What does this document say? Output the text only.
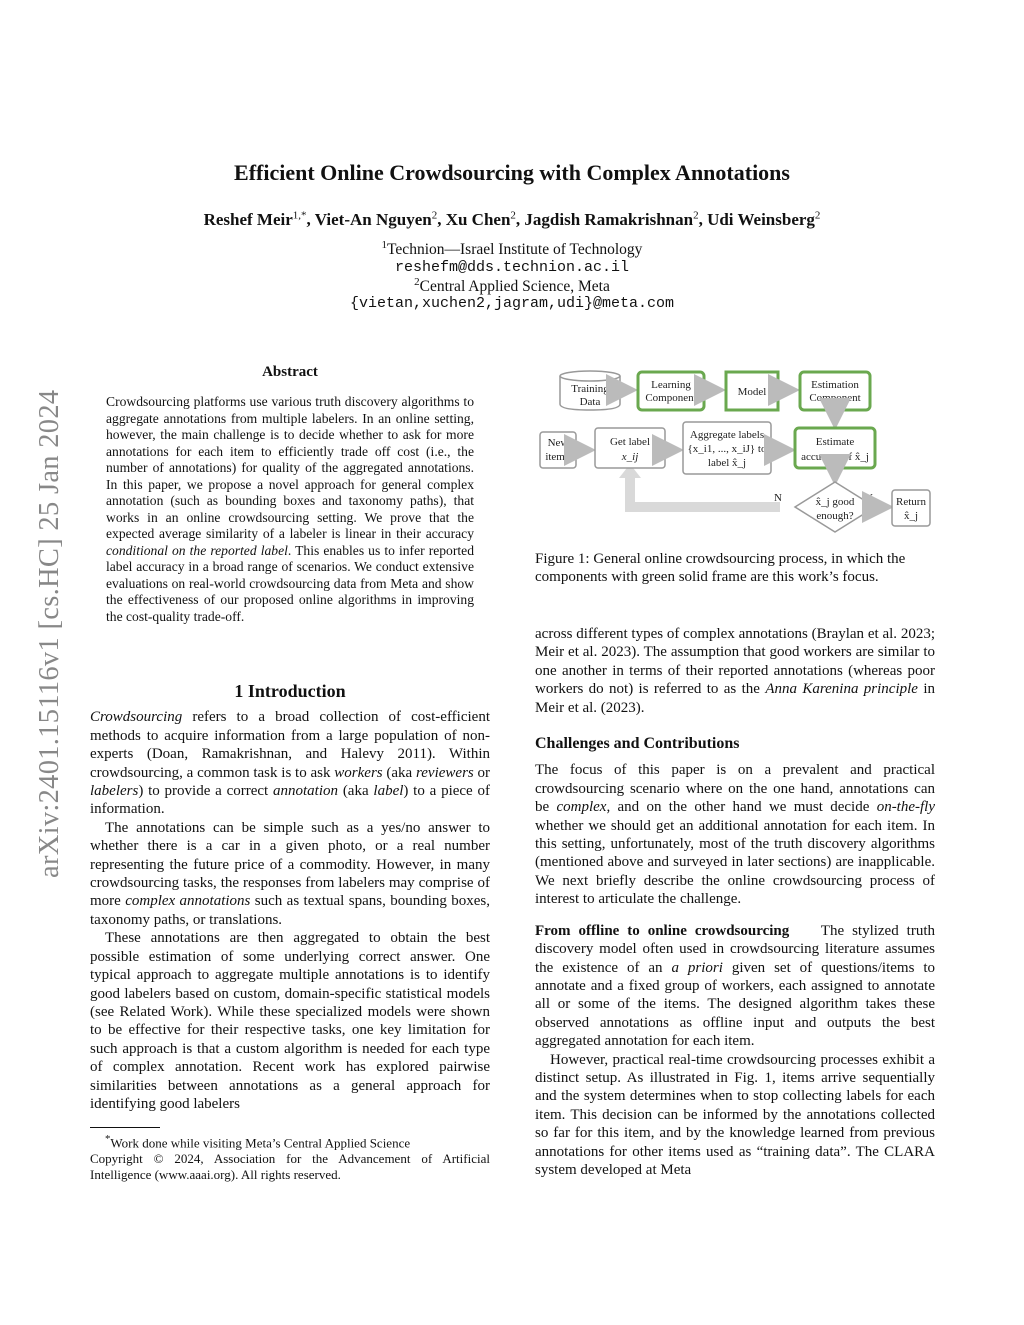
arXiv:2401.15116v1 [cs.HC] 25 Jan 2024
Efficient Online Crowdsourcing with Complex Annotations
Reshef Meir$^{1,*}$, Viet-An Nguyen$^2$, Xu Chen$^2$, Jagdish Ramakrishnan$^2$, Udi Weinsberg$^2$
$^1$Technion—Israel Institute of Technology
reshefm@dds.technion.ac.il
$^2$Central Applied Science, Meta
{vietan,xuchen2,jagram,udi}@meta.com
Abstract
Crowdsourcing platforms use various truth discovery algorithms to aggregate annotations from multiple labelers. In an online setting, however, the main challenge is to decide whether to ask for more annotations for each item to efficiently trade off cost (i.e., the number of annotations) for quality of the aggregated annotations. In this paper, we propose a novel approach for general complex annotation (such as bounding boxes and taxonomy paths), that works in an online crowdsourcing setting. We prove that the expected average similarity of a labeler is linear in their accuracy conditional on the reported label. This enables us to infer reported label accuracy in a broad range of scenarios. We conduct extensive evaluations on real-world crowdsourcing data from Meta and show the effectiveness of our proposed online algorithms in improving the cost-quality trade-off.
1 Introduction

Crowdsourcing refers to a broad collection of cost-efficient methods to acquire information from a large population of non-experts (Doan, Ramakrishnan, and Halevy 2011). Within crowdsourcing, a common task is to ask workers (aka reviewers or labelers) to provide a correct annotation (aka label) to a piece of information.

The annotations can be simple such as a yes/no answer to whether there is a car in a given photo, or a real number representing the future price of a commodity. However, in many crowdsourcing tasks, the responses from labelers may comprise of more complex annotations such as textual spans, bounding boxes, taxonomy paths, or translations.

These annotations are then aggregated to obtain the best possible estimation of some underlying correct answer. One typical approach to aggregate multiple annotations is to identify good labelers based on custom, domain-specific statistical models (see Related Work). While these specialized models were shown to be effective for their respective tasks, one key limitation for such approach is that a custom algorithm is needed for each type of complex annotation. Recent work has explored pairwise similarities between annotations as a general approach for identifying good labelers

*Work done while visiting Meta’s Central Applied Science
Copyright © 2024, Association for the Advancement of Artificial Intelligence (www.aaai.org). All rights reserved.
Training
Data
Learning
Component	Model
Estimation
Component
New
item j
Get label
x_ij
Aggregate labels
{x_i1, ..., x_iJ} to
label x̂_j
Estimate
accuracy of x̂_j
x̂_j good
enough?
N	Y Return
x̂_j
Figure 1: General online crowdsourcing process, in which the components with green solid frame are this work’s focus.

across different types of complex annotations (Braylan et al. 2023; Meir et al. 2023). The assumption that good workers are similar to one another in terms of their reported annotations (whereas poor workers do not) is referred to as the Anna Karenina principle in Meir et al. (2023).

Challenges and Contributions

The focus of this paper is on a prevalent and practical crowdsourcing scenario where on the one hand, annotations can be complex, and on the other hand we must decide on-the-fly whether we should get an additional annotation for each item. In this setting, unfortunately, most of the truth discovery algorithms (mentioned above and surveyed in later sections) are inapplicable. We next briefly describe the online crowdsourcing process of interest to articulate the challenge.

From offline to online crowdsourcing The stylized truth discovery model often used in crowdsourcing literature assumes the existence of an a priori given set of questions/items to annotate and a fixed group of workers, each assigned to annotate all or some of the items. The designed algorithm takes these observed annotations as offline input and outputs the best aggregated annotation for each item.

However, practical real-time crowdsourcing processes exhibit a distinct setup. As illustrated in Fig. 1, items arrive sequentially and the system determines when to stop collecting labels for each item. This decision can be informed by the annotations collected so far for this item, and by the knowledge learned from previous annotations for other items used as “training data”. The CLARA system developed at Meta
